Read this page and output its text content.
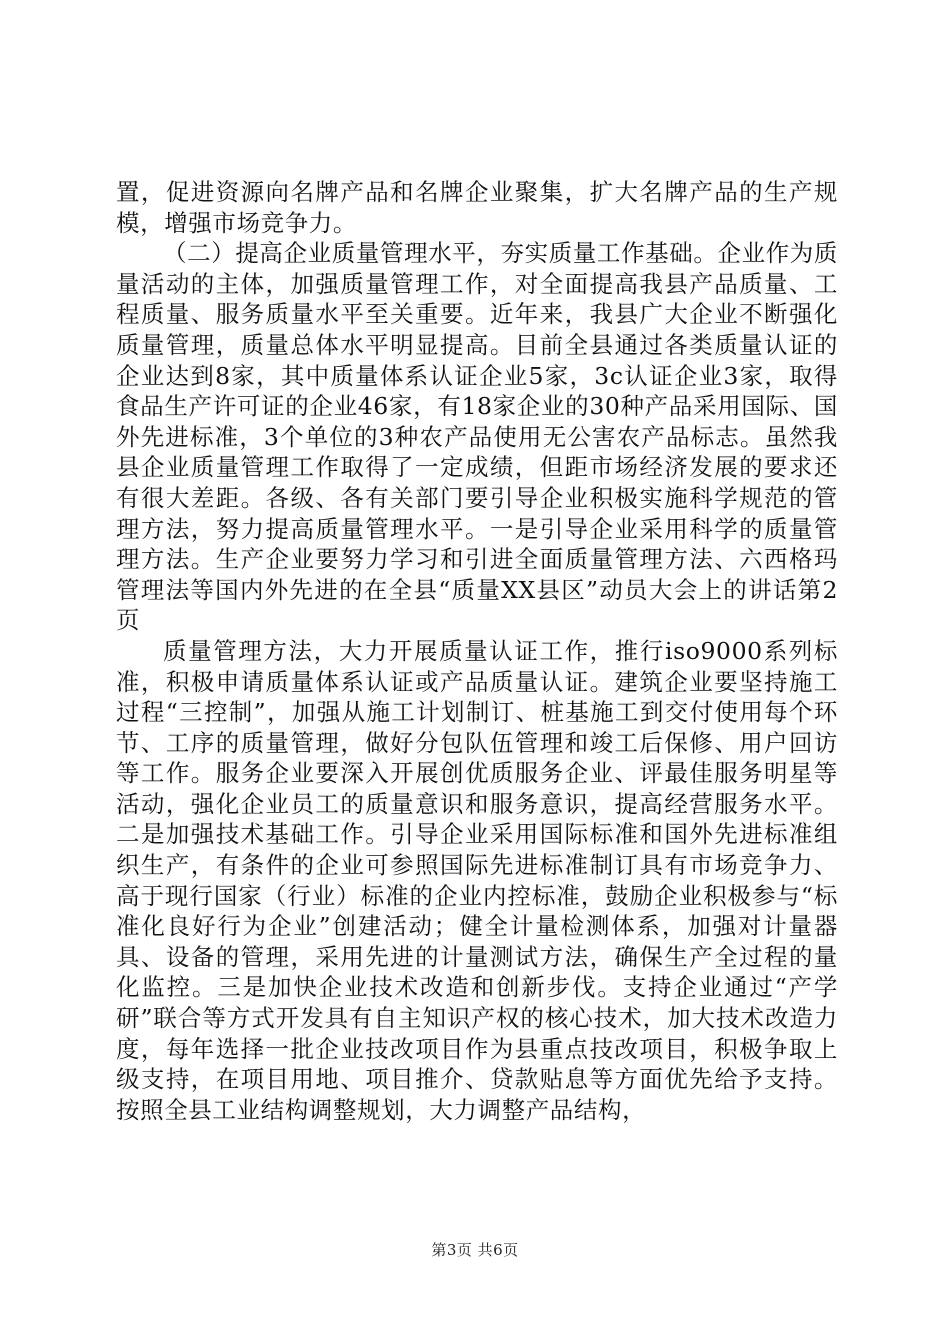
置，促进资源向名牌产品和名牌企业聚集，扩大名牌产品的生产规模，增强市场竞争力。

（二）提高企业质量管理水平，夯实质量工作基础。企业作为质量活动的主体，加强质量管理工作，对全面提高我县产品质量、工程质量、服务质量水平至关重要。近年来，我县广大企业不断强化质量管理，质量总体水平明显提高。目前全县通过各类质量认证的企业达到8家，其中质量体系认证企业5家，3c认证企业3家，取得食品生产许可证的企业46家，有18家企业的30种产品采用国际、国外先进标准，3个单位的3种农产品使用无公害农产品标志。虽然我县企业质量管理工作取得了一定成绩，但距市场经济发展的要求还有很大差距。各级、各有关部门要引导企业积极实施科学规范的管理方法，努力提高质量管理水平。一是引导企业采用科学的质量管理方法。生产企业要努力学习和引进全面质量管理方法、六西格玛管理法等国内外先进的在全县“质量XX县区”动员大会上的讲话第2页

质量管理方法，大力开展质量认证工作，推行iso9000系列标准，积极申请质量体系认证或产品质量认证。建筑企业要坚持施工过程“三控制”，加强从施工计划制订、桩基施工到交付使用每个环节、工序的质量管理，做好分包队伍管理和竣工后保修、用户回访等工作。服务企业要深入开展创优质服务企业、评最佳服务明星等活动，强化企业员工的质量意识和服务意识，提高经营服务水平。二是加强技术基础工作。引导企业采用国际标准和国外先进标准组织生产，有条件的企业可参照国际先进标准制订具有市场竞争力、高于现行国家（行业）标准的企业内控标准，鼓励企业积极参与“标准化良好行为企业”创建活动；健全计量检测体系，加强对计量器具、设备的管理，采用先进的计量测试方法，确保生产全过程的量化监控。三是加快企业技术改造和创新步伐。支持企业通过“产学研”联合等方式开发具有自主知识产权的核心技术，加大技术改造力度，每年选择一批企业技改项目作为县重点技改项目，积极争取上级支持，在项目用地、项目推介、贷款贴息等方面优先给予支持。按照全县工业结构调整规划，大力调整产品结构，

第3页 共6页
